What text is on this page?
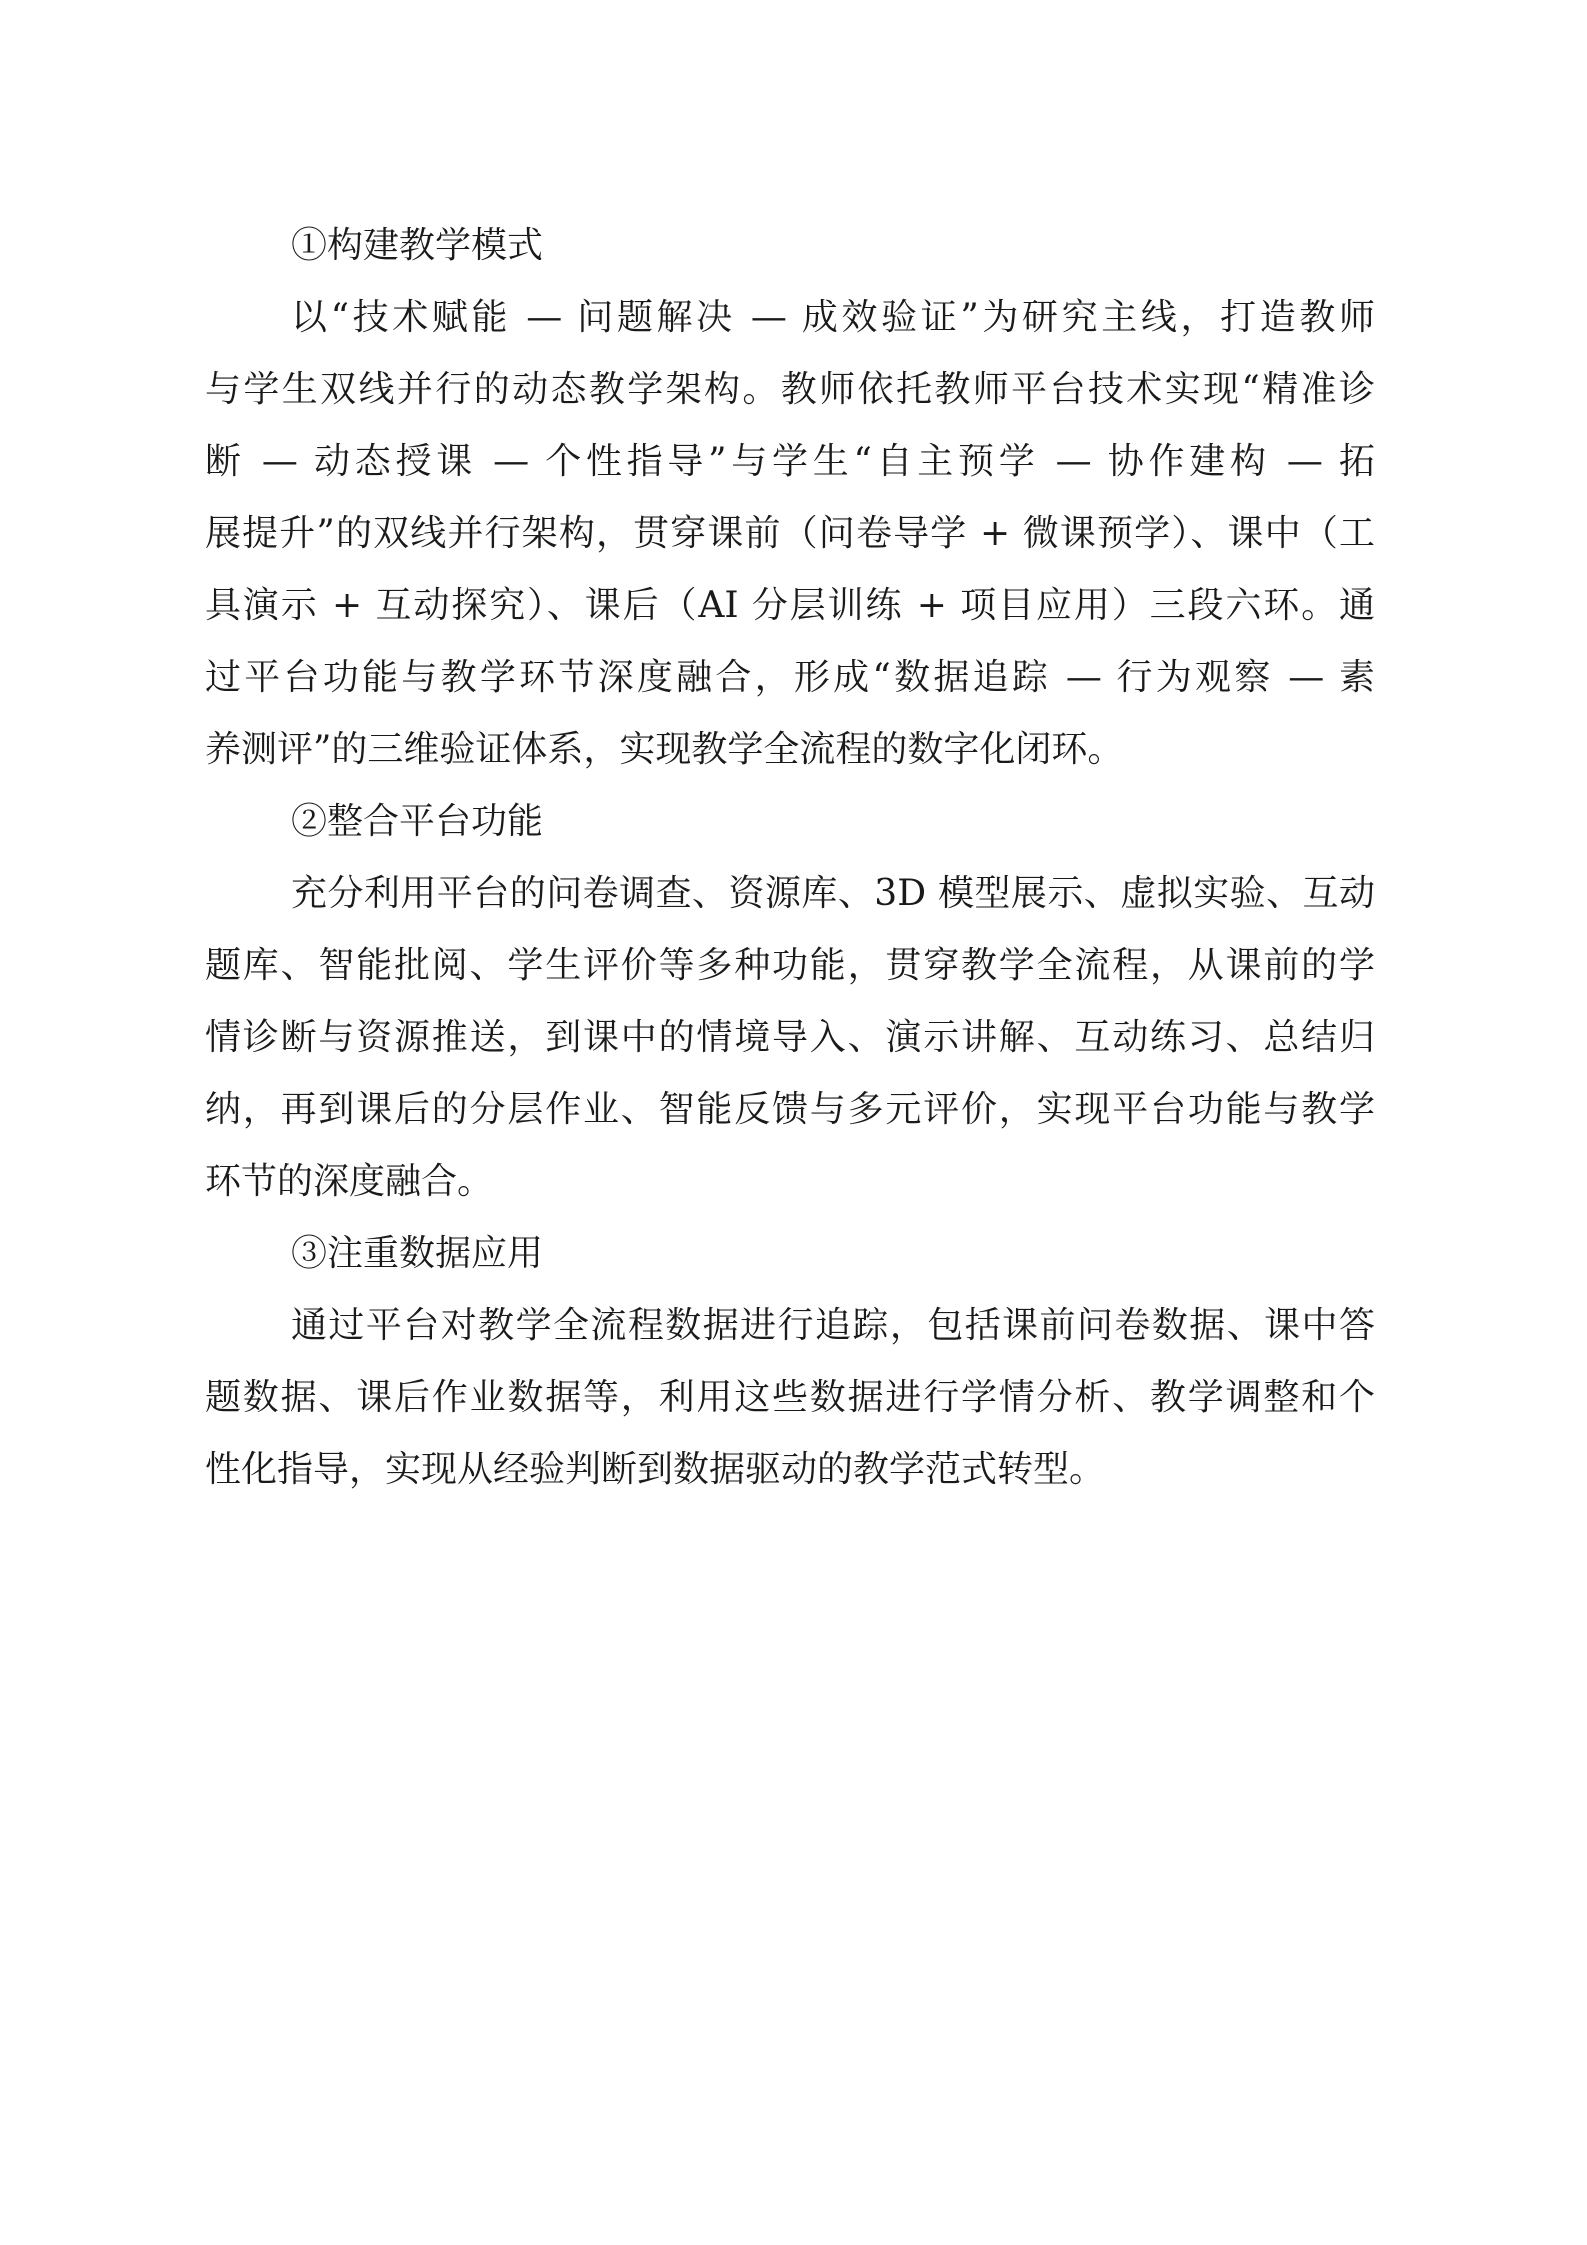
①构建教学模式
以“技术赋能 — 问题解决 — 成效验证”为研究主线，打造教师
与学生双线并行的动态教学架构。教师依托教师平台技术实现“精准诊
断 — 动态授课 — 个性指导”与学生“自主预学 — 协作建构 — 拓
展提升”的双线并行架构，贯穿课前（问卷导学 + 微课预学）、课中（工
具演示 + 互动探究）、课后（AI 分层训练 + 项目应用）三段六环。通
过平台功能与教学环节深度融合，形成“数据追踪 — 行为观察 — 素
养测评”的三维验证体系，实现教学全流程的数字化闭环。
②整合平台功能
充分利用平台的问卷调查、资源库、3D 模型展示、虚拟实验、互动
题库、智能批阅、学生评价等多种功能，贯穿教学全流程，从课前的学
情诊断与资源推送，到课中的情境导入、演示讲解、互动练习、总结归
纳，再到课后的分层作业、智能反馈与多元评价，实现平台功能与教学
环节的深度融合。
③注重数据应用
通过平台对教学全流程数据进行追踪，包括课前问卷数据、课中答
题数据、课后作业数据等，利用这些数据进行学情分析、教学调整和个
性化指导，实现从经验判断到数据驱动的教学范式转型。
